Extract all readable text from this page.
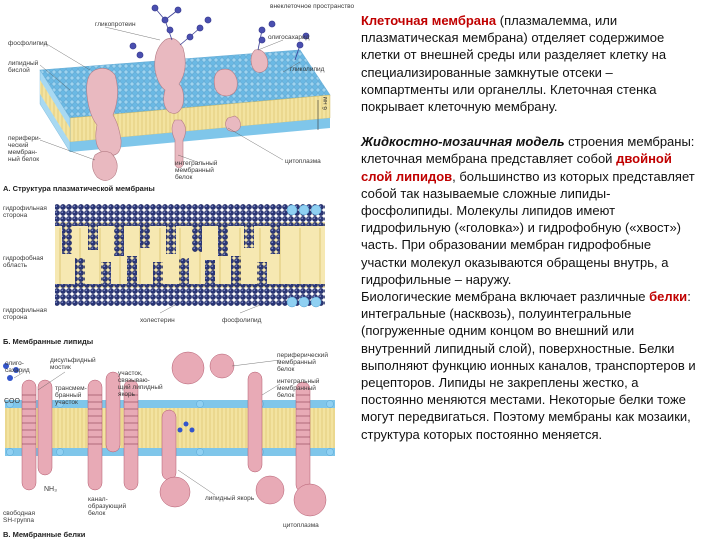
внеклеточное пространство
гликопротеин
олигосахарид
фосфолипид
гликолипид
липидный
бислой
перифери-
ческий
мембран-
ный белок
интегральный
мембранный
белок
цитоплазма
6 нм
А. Структура плазматической мембраны
гидрофильная
сторона
гидрофобная
область
гидрофильная
сторона	холестерин	фосфолипид
Б. Мембранные липиды
олиго-
сахарид
дисульфидный
мостик
трансмем-
бранный
участок
участок,
связываю-
щий липидный
якорь
периферический
мембранный
белок
интегральный
мембранный
белок
COO
NH₃
свободная
SH-группа
канал-
образующий
белок
липидный якорь
цитоплазма
В. Мембранные белки

Клеточная мембрана (плазмалемма, или плазматическая мембрана) отделяет содержимое клетки от внешней среды или разделяет клетку на специализированные замкнутые отсеки – компартменты или органеллы. Клеточная стенка покрывает клеточную мембрану.

Жидкостно-мозаичная модель строения мембраны: клеточная мембрана представляет собой двойной слой липидов, большинство из которых представляет собой так называемые сложные липиды-фосфолипиды. Молекулы липидов имеют гидрофильную («головка») и гидрофобную («хвост») часть. При образовании мембран гидрофобные участки молекул оказываются обращены внутрь, а гидрофильные – наружу.

Биологические мембрана включает различные белки: интегральные (насквозь), полуинтегральные (погруженные одним концом во внешний или внутренний липидный слой), поверхностные. Белки выполняют функцию ионных каналов, транспортеров и рецепторов. Липиды не закреплены жестко, а постоянно меняются местами. Некоторые белки тоже могут передвигаться. Поэтому мембраны как мозаики, структура которых постоянно меняется.
